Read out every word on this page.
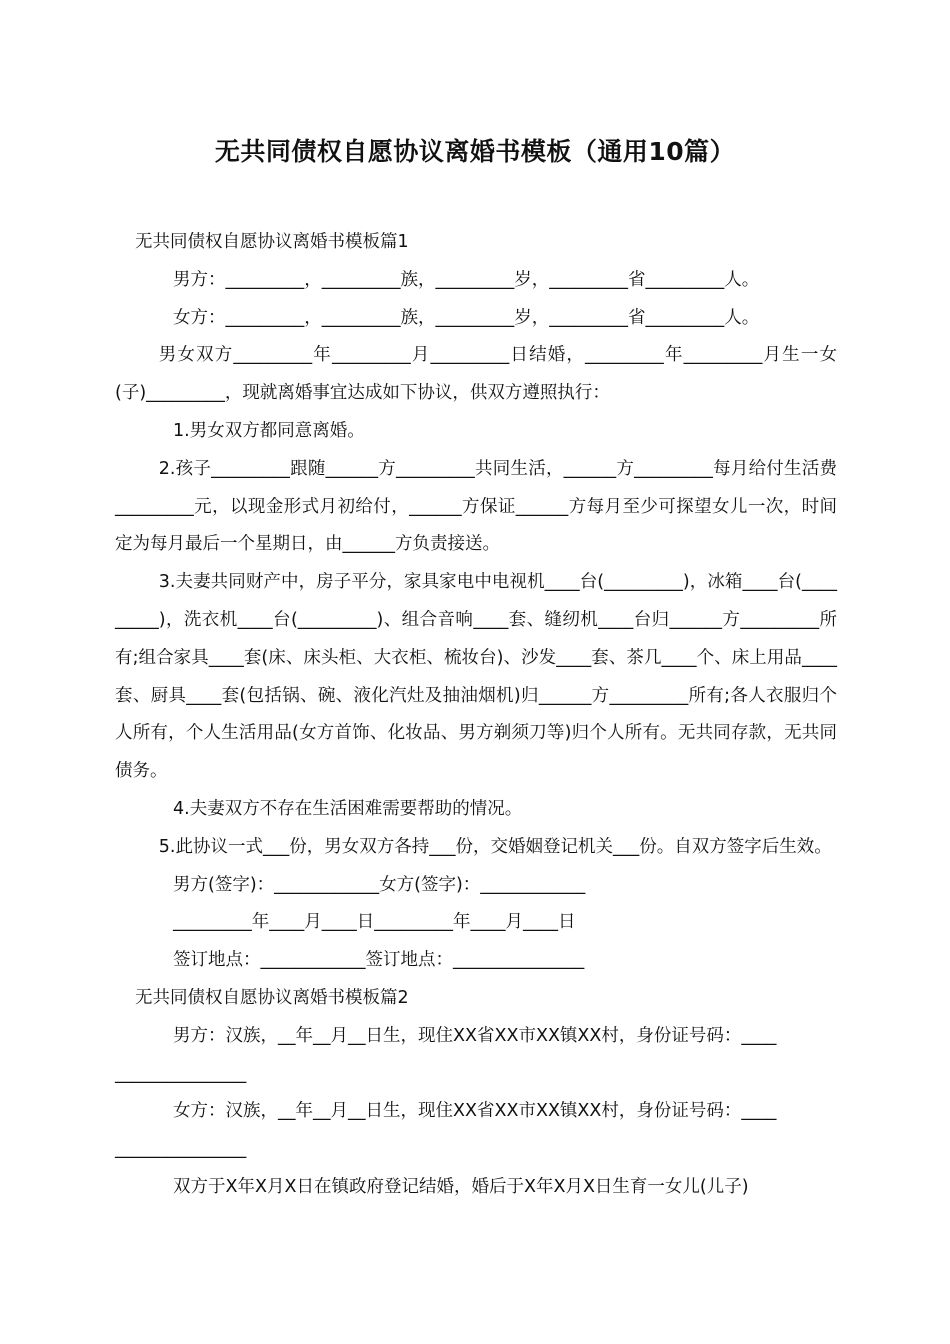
无共同债权自愿协议离婚书模板（通用10篇）

无共同债权自愿协议离婚书模板篇1

男方：_________，_________族，_________岁，_________省_________人。

女方：_________，_________族，_________岁，_________省_________人。

男女双方_________年_________月_________日结婚，_________年_________月生一女(子)_________，现就离婚事宜达成如下协议，供双方遵照执行：

1.男女双方都同意离婚。

2.孩子_________跟随______方_________共同生活，______方_________每月给付生活费_________元，以现金形式月初给付，______方保证______方每月至少可探望女儿一次，时间定为每月最后一个星期日，由______方负责接送。

3.夫妻共同财产中，房子平分，家具家电中电视机____台(_________)，冰箱____台(_________)，洗衣机____台(_________)、组合音响____套、缝纫机____台归______方_________所有;组合家具____套(床、床头柜、大衣柜、梳妆台)、沙发____套、茶几____个、床上用品____套、厨具____套(包括锅、碗、液化汽灶及抽油烟机)归______方_________所有;各人衣服归个人所有，个人生活用品(女方首饰、化妆品、男方剃须刀等)归个人所有。无共同存款，无共同债务。

4.夫妻双方不存在生活困难需要帮助的情况。

5.此协议一式___份，男女双方各持___份，交婚姻登记机关___份。自双方签字后生效。

男方(签字)：____________女方(签字)：____________

_________年____月____日_________年____月____日

签订地点：____________签订地点：_______________

无共同债权自愿协议离婚书模板篇2

男方：汉族，__年__月__日生，现住XX省XX市XX镇XX村，身份证号码：____

_______________

女方：汉族，__年__月__日生，现住XX省XX市XX镇XX村，身份证号码：____

_______________

双方于X年X月X日在镇政府登记结婚，婚后于X年X月X日生育一女儿(儿子)
